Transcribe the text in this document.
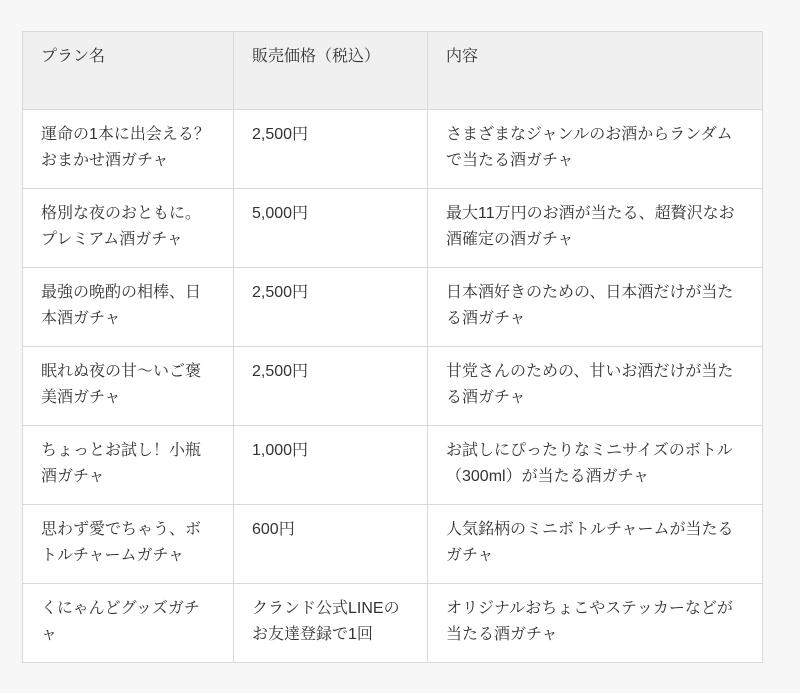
プラン名	販売価格（税込）	内容
運命の1本に出会える？おまかせ酒ガチャ	2,500円	さまざまなジャンルのお酒からランダムで当たる酒ガチャ
格別な夜のおともに。プレミアム酒ガチャ	5,000円	最大11万円のお酒が当たる、超贅沢なお酒確定の酒ガチャ
最強の晩酌の相棒、日本酒ガチャ	2,500円	日本酒好きのための、日本酒だけが当たる酒ガチャ
眠れぬ夜の甘〜いご褒美酒ガチャ	2,500円	甘党さんのための、甘いお酒だけが当たる酒ガチャ
ちょっとお試し！小瓶酒ガチャ	1,000円	お試しにぴったりなミニサイズのボトル（300ml）が当たる酒ガチャ
思わず愛でちゃう、ボトルチャームガチャ	600円	人気銘柄のミニボトルチャームが当たるガチャ
くにゃんどグッズガチャ	クランド公式LINEのお友達登録で1回	オリジナルおちょこやステッカーなどが当たる酒ガチャ
